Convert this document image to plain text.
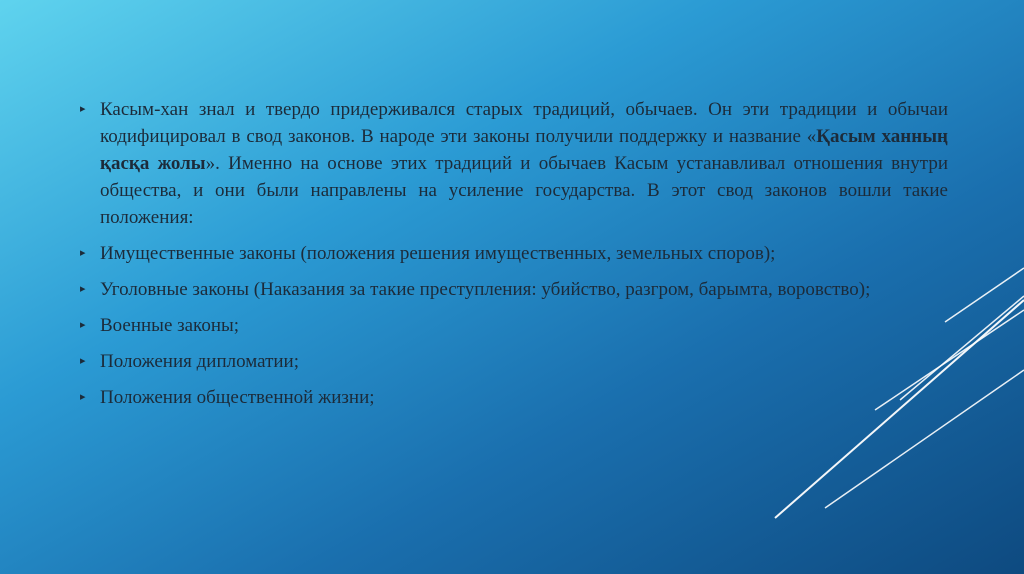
▸ Касым-хан знал и твердо придерживался старых традиций, обычаев. Он эти традиции и обычаи кодифицировал в свод законов. В народе эти законы получили поддержку и название «Қасым ханның қасқа жолы». Именно на основе этих традиций и обычаев Касым устанавливал отношения внутри общества, и они были направлены на усиление государства. В этот свод законов вошли такие положения:
▸ Имущественные законы (положения решения имущественных, земельных споров);
▸ Уголовные законы (Наказания за такие преступления: убийство, разгром, барымта, воровство);
▸ Военные законы;
▸ Положения дипломатии;
▸ Положения общественной жизни;
